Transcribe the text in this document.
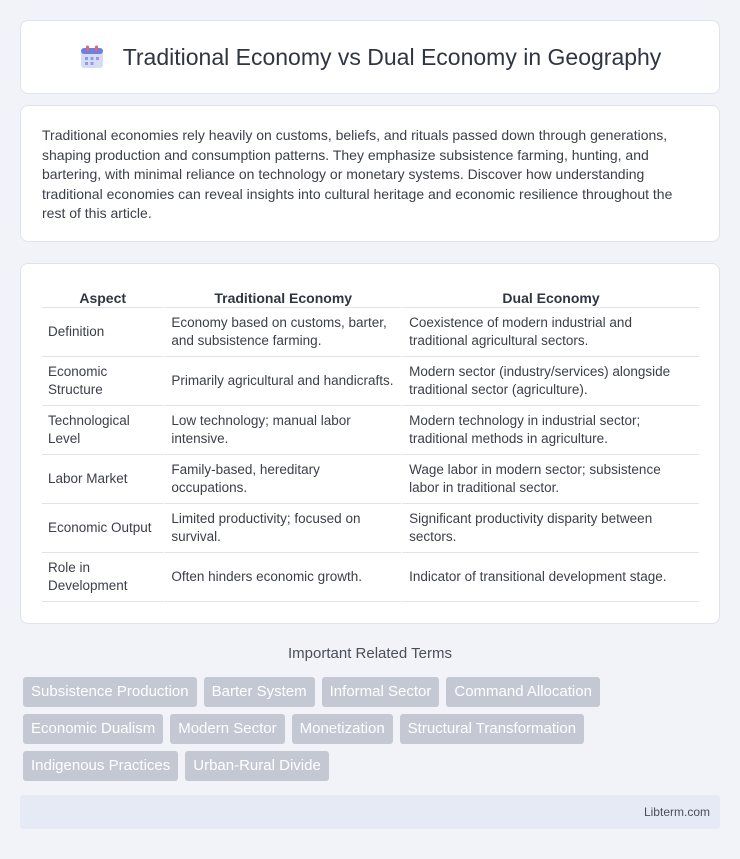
Traditional Economy vs Dual Economy in Geography

Traditional economies rely heavily on customs, beliefs, and rituals passed down through generations, shaping production and consumption patterns. They emphasize subsistence farming, hunting, and bartering, with minimal reliance on technology or monetary systems. Discover how understanding traditional economies can reveal insights into cultural heritage and economic resilience throughout the rest of this article.

Aspect	Traditional Economy	Dual Economy
Definition	Economy based on customs, barter, and subsistence farming.	Coexistence of modern industrial and traditional agricultural sectors.
Economic Structure	Primarily agricultural and handicrafts.	Modern sector (industry/services) alongside traditional sector (agriculture).
Technological Level	Low technology; manual labor intensive.	Modern technology in industrial sector; traditional methods in agriculture.
Labor Market	Family-based, hereditary occupations.	Wage labor in modern sector; subsistence labor in traditional sector.
Economic Output	Limited productivity; focused on survival.	Significant productivity disparity between sectors.
Role in Development	Often hinders economic growth.	Indicator of transitional development stage.
Important Related Terms
Subsistence Production	Barter System	Informal Sector	Command Allocation
Economic Dualism	Modern Sector	Monetization	Structural Transformation
Indigenous Practices	Urban-Rural Divide
Libterm.com
